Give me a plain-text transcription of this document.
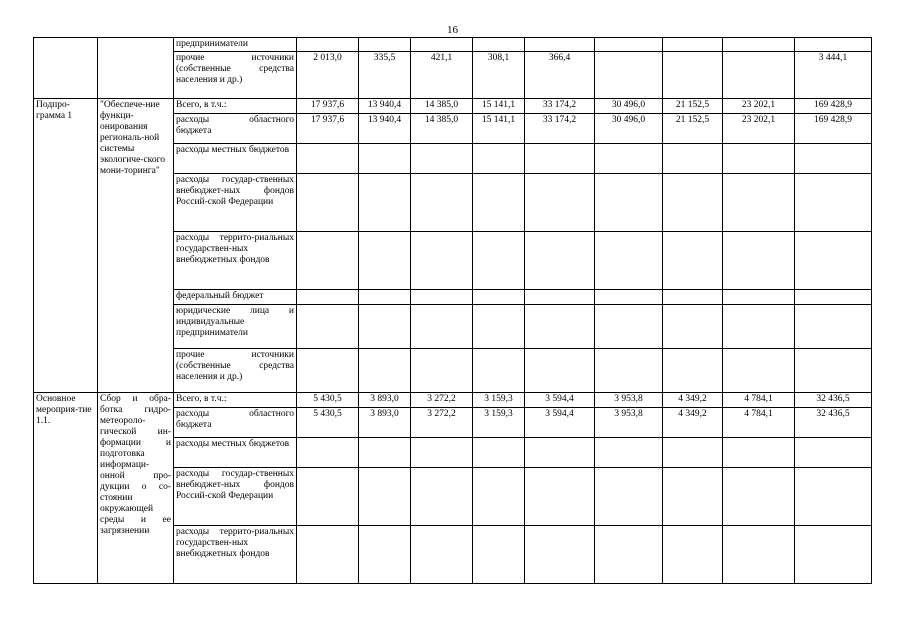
16
		предприниматели									
		прочие источники (собственные средства населения и др.)	2 013,0	335,5	421,1	308,1	366,4				3 444,1
Подпро-грамма 1	"Обеспече-ние функци-онирования региональ-ной системы экологиче-ского мони-торинга"	Всего, в т.ч.:	17 937,6	13 940,4	14 385,0	15 141,1	33 174,2	30 496,0	21 152,5	23 202,1	169 428,9
		расходы областного бюджета	17 937,6	13 940,4	14 385,0	15 141,1	33 174,2	30 496,0	21 152,5	23 202,1	169 428,9
		расходы местных бюджетов									
		расходы государ-ственных внебюджет-ных фондов Россий-ской Федерации									
		расходы террито-риальных государствен-ных внебюджетных фондов									
		федеральный бюджет									
		юридические лица и индивидуальные предприниматели									
		прочие источники (собственные средства населения и др.)									
Основное мероприя-тие 1.1.	Сбор и обра-ботка гидро-метеороло-гической ин-формации и подготовка информаци-онной про-дукции о со-стоянии окружающей среды и ее загрязнении	Всего, в т.ч.:	5 430,5	3 893,0	3 272,2	3 159,3	3 594,4	3 953,8	4 349,2	4 784,1	32 436,5
		расходы областного бюджета	5 430,5	3 893,0	3 272,2	3 159,3	3 594,4	3 953,8	4 349,2	4 784,1	32 436,5
		расходы местных бюджетов									
		расходы государ-ственных внебюджет-ных фондов Россий-ской Федерации									
		расходы террито-риальных государствен-ных внебюджетных фондов									
